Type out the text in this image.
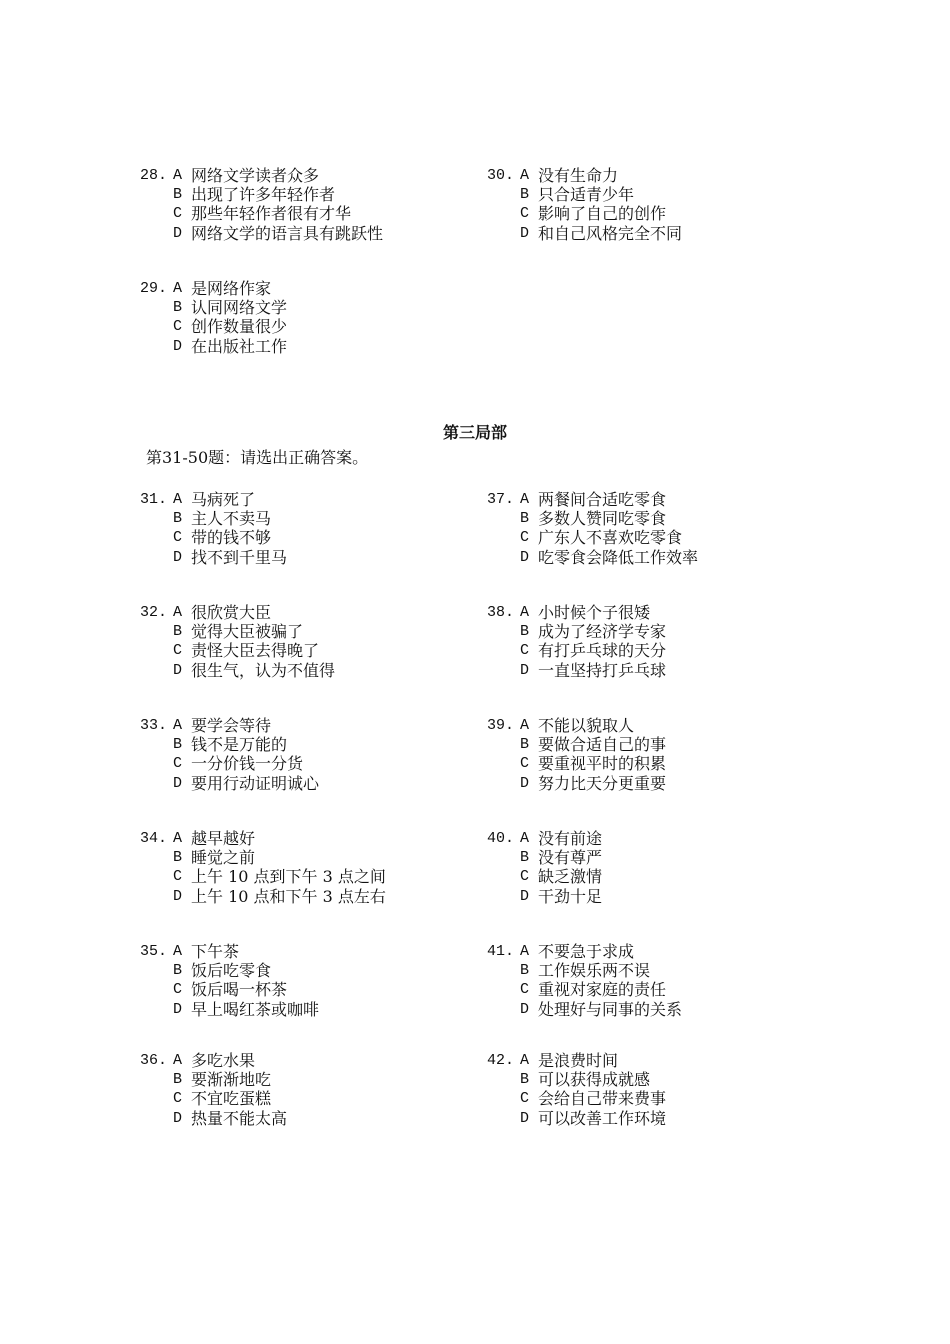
28. A 网络文学读者众多
B 出现了许多年轻作者
C 那些年轻作者很有才华
D 网络文学的语言具有跳跃性
30. A 没有生命力
B 只合适青少年
C 影响了自己的创作
D 和自己风格完全不同
29. A 是网络作家
B 认同网络文学
C 创作数量很少
D 在出版社工作
第三局部
第31-50题：请选出正确答案。
31. A 马病死了
B 主人不卖马
C 带的钱不够
D 找不到千里马
37. A 两餐间合适吃零食
B 多数人赞同吃零食
C 广东人不喜欢吃零食
D 吃零食会降低工作效率
32. A 很欣赏大臣
B 觉得大臣被骗了
C 责怪大臣去得晚了
D 很生气，认为不值得
38. A 小时候个子很矮
B 成为了经济学专家
C 有打乒乓球的天分
D 一直坚持打乒乓球
33. A 要学会等待
B 钱不是万能的
C 一分价钱一分货
D 要用行动证明诚心
39. A 不能以貌取人
B 要做合适自己的事
C 要重视平时的积累
D 努力比天分更重要
34. A 越早越好
B 睡觉之前
C 上午 10 点到下午 3 点之间
D 上午 10 点和下午 3 点左右
40. A 没有前途
B 没有尊严
C 缺乏激情
D 干劲十足
35. A 下午茶
B 饭后吃零食
C 饭后喝一杯茶
D 早上喝红茶或咖啡
41. A 不要急于求成
B 工作娱乐两不误
C 重视对家庭的责任
D 处理好与同事的关系
36. A 多吃水果
B 要渐渐地吃
C 不宜吃蛋糕
D 热量不能太高
42. A 是浪费时间
B 可以获得成就感
C 会给自己带来费事
D 可以改善工作环境
